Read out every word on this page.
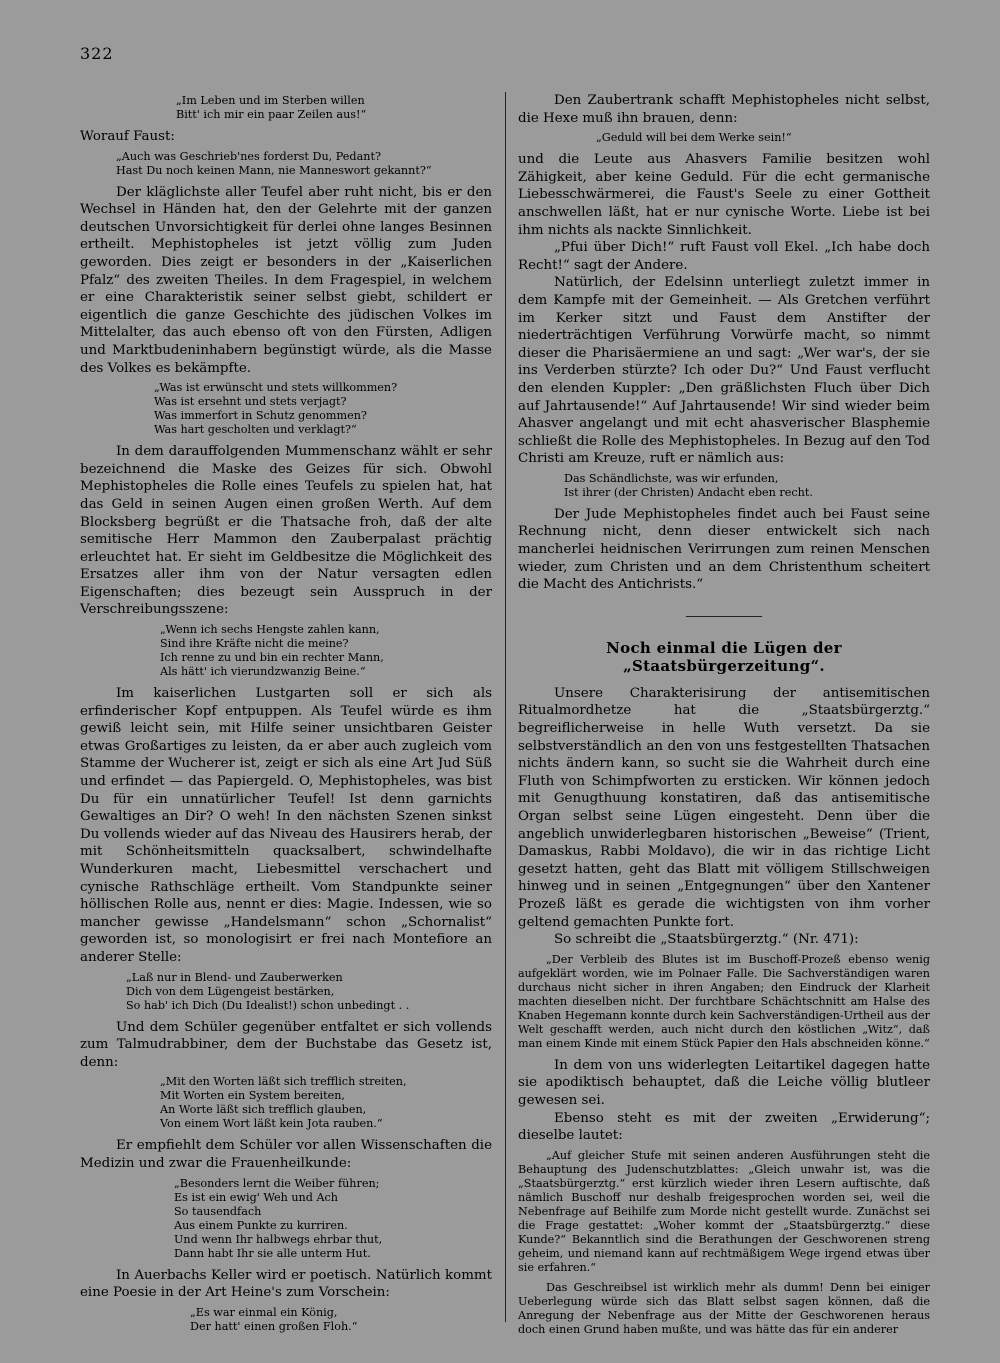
322
„Im Leben und im Sterben willen
Bitt' ich mir ein paar Zeilen aus!“

Worauf Faust:

„Auch was Geschrieb'nes forderst Du, Pedant?
Hast Du noch keinen Mann, nie Manneswort gekannt?“

Der kläglichste aller Teufel aber ruht nicht, bis er den Wechsel in Händen hat, den der Gelehrte mit der ganzen deutschen Unvorsichtigkeit für derlei ohne langes Besinnen ertheilt. Mephistopheles ist jetzt völlig zum Juden geworden. Dies zeigt er besonders in der „Kaiserlichen Pfalz“ des zweiten Theiles. In dem Fragespiel, in welchem er eine Charakteristik seiner selbst giebt, schildert er eigentlich die ganze Geschichte des jüdischen Volkes im Mittelalter, das auch ebenso oft von den Fürsten, Adligen und Marktbudeninhabern begünstigt würde, als die Masse des Volkes es bekämpfte.

„Was ist erwünscht und stets willkommen?
Was ist ersehnt und stets verjagt?
Was immerfort in Schutz genommen?
Was hart gescholten und verklagt?“

In dem darauffolgenden Mummenschanz wählt er sehr bezeichnend die Maske des Geizes für sich. Obwohl Mephistopheles die Rolle eines Teufels zu spielen hat, hat das Geld in seinen Augen einen großen Werth. Auf dem Blocksberg begrüßt er die Thatsache froh, daß der alte semitische Herr Mammon den Zauberpalast prächtig erleuchtet hat. Er sieht im Geldbesitze die Möglichkeit des Ersatzes aller ihm von der Natur versagten edlen Eigenschaften; dies bezeugt sein Ausspruch in der Verschreibungsszene:

„Wenn ich sechs Hengste zahlen kann,
Sind ihre Kräfte nicht die meine?
Ich renne zu und bin ein rechter Mann,
Als hätt' ich vierundzwanzig Beine.“

Im kaiserlichen Lustgarten soll er sich als erfinderischer Kopf entpuppen. Als Teufel würde es ihm gewiß leicht sein, mit Hilfe seiner unsichtbaren Geister etwas Großartiges zu leisten, da er aber auch zugleich vom Stamme der Wucherer ist, zeigt er sich als eine Art Jud Süß und erfindet — das Papiergeld. O, Mephistopheles, was bist Du für ein unnatürlicher Teufel! Ist denn garnichts Gewaltiges an Dir? O weh! In den nächsten Szenen sinkst Du vollends wieder auf das Niveau des Hausirers herab, der mit Schönheitsmitteln quacksalbert, schwindelhafte Wunderkuren macht, Liebesmittel verschachert und cynische Rathschläge ertheilt. Vom Standpunkte seiner höllischen Rolle aus, nennt er dies: Magie. Indessen, wie so mancher gewisse „Handelsmann“ schon „Schornalist“ geworden ist, so monologisirt er frei nach Montefiore an anderer Stelle:

„Laß nur in Blend- und Zauberwerken
Dich von dem Lügengeist bestärken,
So hab' ich Dich (Du Idealist!) schon unbedingt . .

Und dem Schüler gegenüber entfaltet er sich vollends zum Talmudrabbiner, dem der Buchstabe das Gesetz ist, denn:

„Mit den Worten läßt sich trefflich streiten,
Mit Worten ein System bereiten,
An Worte läßt sich trefflich glauben,
Von einem Wort läßt kein Jota rauben.“

Er empfiehlt dem Schüler vor allen Wissenschaften die Medizin und zwar die Frauenheilkunde:

„Besonders lernt die Weiber führen;
Es ist ein ewig' Weh und Ach
So tausendfach
Aus einem Punkte zu kurriren.
Und wenn Ihr halbwegs ehrbar thut,
Dann habt Ihr sie alle unterm Hut.

In Auerbachs Keller wird er poetisch. Natürlich kommt eine Poesie in der Art Heine's zum Vorschein:

„Es war einmal ein König,
Der hatt' einen großen Floh.“

Den Zaubertrank schafft Mephistopheles nicht selbst, die Hexe muß ihn brauen, denn:

„Geduld will bei dem Werke sein!“

und die Leute aus Ahasvers Familie besitzen wohl Zähigkeit, aber keine Geduld. Für die echt germanische Liebesschwärmerei, die Faust's Seele zu einer Gottheit anschwellen läßt, hat er nur cynische Worte. Liebe ist bei ihm nichts als nackte Sinnlichkeit.

„Pfui über Dich!“ ruft Faust voll Ekel. „Ich habe doch Recht!“ sagt der Andere.

Natürlich, der Edelsinn unterliegt zuletzt immer in dem Kampfe mit der Gemeinheit. — Als Gretchen verführt im Kerker sitzt und Faust dem Anstifter der niederträchtigen Verführung Vorwürfe macht, so nimmt dieser die Pharisäermiene an und sagt: „Wer war's, der sie ins Verderben stürzte? Ich oder Du?“ Und Faust verflucht den elenden Kuppler: „Den gräßlichsten Fluch über Dich auf Jahrtausende!“ Auf Jahrtausende! Wir sind wieder beim Ahasver angelangt und mit echt ahasverischer Blasphemie schließt die Rolle des Mephistopheles. In Bezug auf den Tod Christi am Kreuze, ruft er nämlich aus:

Das Schändlichste, was wir erfunden,
Ist ihrer (der Christen) Andacht eben recht.

Der Jude Mephistopheles findet auch bei Faust seine Rechnung nicht, denn dieser entwickelt sich nach mancherlei heidnischen Verirrungen zum reinen Menschen wieder, zum Christen und an dem Christenthum scheitert die Macht des Antichrists.“

Noch einmal die Lügen der „Staatsbürgerzeitung“.

Unsere Charakterisirung der antisemitischen Ritualmordhetze hat die „Staatsbürgerztg.“ begreiflicherweise in helle Wuth versetzt. Da sie selbstverständlich an den von uns festgestellten Thatsachen nichts ändern kann, so sucht sie die Wahrheit durch eine Fluth von Schimpfworten zu ersticken. Wir können jedoch mit Genugthuung konstatiren, daß das antisemitische Organ selbst seine Lügen eingesteht. Denn über die angeblich unwiderlegbaren historischen „Beweise“ (Trient, Damaskus, Rabbi Moldavo), die wir in das richtige Licht gesetzt hatten, geht das Blatt mit völligem Stillschweigen hinweg und in seinen „Entgegnungen“ über den Xantener Prozeß läßt es gerade die wichtigsten von ihm vorher geltend gemachten Punkte fort.

So schreibt die „Staatsbürgerztg.“ (Nr. 471):

„Der Verbleib des Blutes ist im Buschoff-Prozeß ebenso wenig aufgeklärt worden, wie im Polnaer Falle. Die Sachverständigen waren durchaus nicht sicher in ihren Angaben; den Eindruck der Klarheit machten dieselben nicht. Der furchtbare Schächtschnitt am Halse des Knaben Hegemann konnte durch kein Sachverständigen-Urtheil aus der Welt geschafft werden, auch nicht durch den köstlichen „Witz“, daß man einem Kinde mit einem Stück Papier den Hals abschneiden könne.“

In dem von uns widerlegten Leitartikel dagegen hatte sie apodiktisch behauptet, daß die Leiche völlig blutleer gewesen sei.

Ebenso steht es mit der zweiten „Erwiderung“; dieselbe lautet:

„Auf gleicher Stufe mit seinen anderen Ausführungen steht die Behauptung des Judenschutzblattes: „Gleich unwahr ist, was die „Staatsbürgerztg.“ erst kürzlich wieder ihren Lesern auftischte, daß nämlich Buschoff nur deshalb freigesprochen worden sei, weil die Nebenfrage auf Beihilfe zum Morde nicht gestellt wurde. Zunächst sei die Frage gestattet: „Woher kommt der „Staatsbürgerztg.“ diese Kunde?“ Bekanntlich sind die Berathungen der Geschworenen streng geheim, und niemand kann auf rechtmäßigem Wege irgend etwas über sie erfahren.“
Das Geschreibsel ist wirklich mehr als dumm! Denn bei einiger Ueberlegung würde sich das Blatt selbst sagen können, daß die Anregung der Nebenfrage aus der Mitte der Geschworenen heraus doch einen Grund haben mußte, und was hätte das für ein anderer
